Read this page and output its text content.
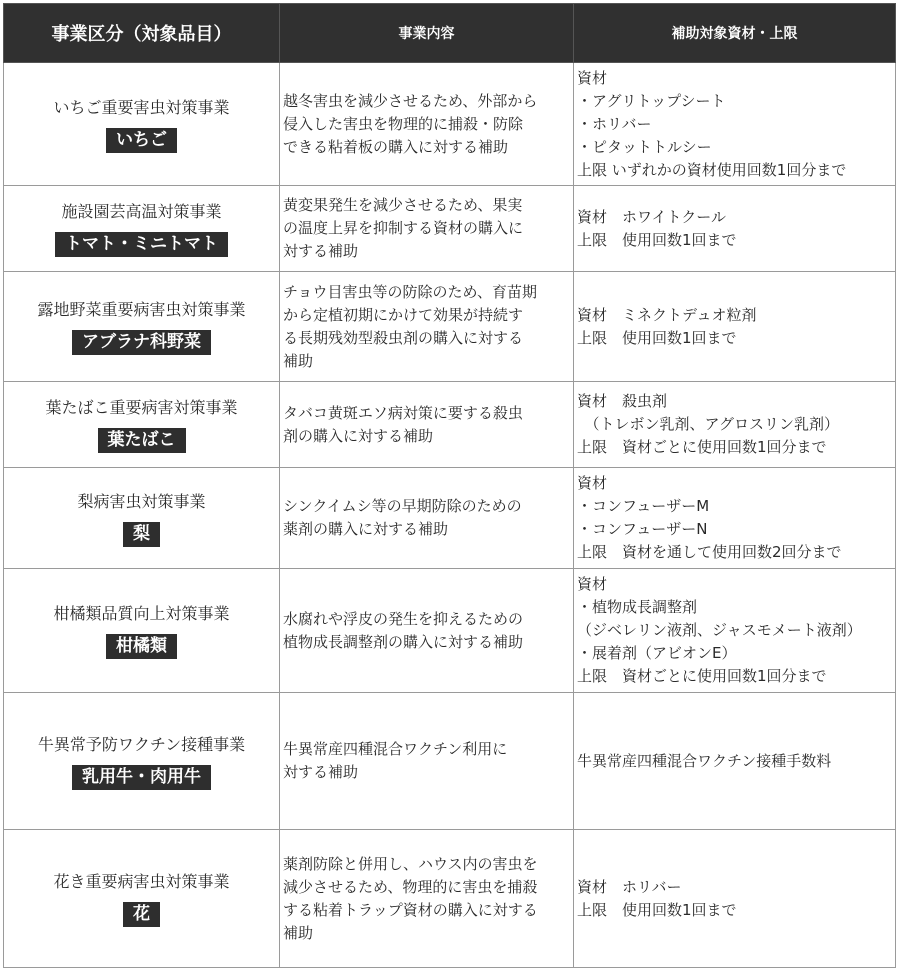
事業区分（対象品目）	事業内容	補助対象資材・上限

いちご重要害虫対策事業
いちご	越冬害虫を減少させるため、外部から
侵入した害虫を物理的に捕殺・防除
できる粘着板の購入に対する補助	資材
・アグリトップシート
・ホリバー
・ピタットトルシー
上限 いずれかの資材使用回数1回分まで

施設園芸高温対策事業
トマト・ミニトマト	黄変果発生を減少させるため、果実
の温度上昇を抑制する資材の購入に
対する補助	資材　ホワイトクール
上限　使用回数1回まで

露地野菜重要病害虫対策事業
アブラナ科野菜	チョウ目害虫等の防除のため、育苗期
から定植初期にかけて効果が持続す
る長期残効型殺虫剤の購入に対する
補助	資材　ミネクトデュオ粒剤
上限　使用回数1回まで

葉たばこ重要病害対策事業
葉たばこ	タバコ黄斑エソ病対策に要する殺虫
剤の購入に対する補助	資材　殺虫剤
　（トレボン乳剤、アグロスリン乳剤）
上限　資材ごとに使用回数1回分まで

梨病害虫対策事業
梨	シンクイムシ等の早期防除のための
薬剤の購入に対する補助	資材
・コンフューザーM
・コンフューザーN
上限　資材を通して使用回数2回分まで

柑橘類品質向上対策事業
柑橘類	水腐れや浮皮の発生を抑えるための
植物成長調整剤の購入に対する補助	資材
・植物成長調整剤
（ジベレリン液剤、ジャスモメート液剤）
・展着剤（アビオンE）
上限　資材ごとに使用回数1回分まで

牛異常予防ワクチン接種事業
乳用牛・肉用牛	牛異常産四種混合ワクチン利用に
対する補助	牛異常産四種混合ワクチン接種手数料

花き重要病害虫対策事業
花	薬剤防除と併用し、ハウス内の害虫を
減少させるため、物理的に害虫を捕殺
する粘着トラップ資材の購入に対する
補助	資材　ホリバー
上限　使用回数1回まで
